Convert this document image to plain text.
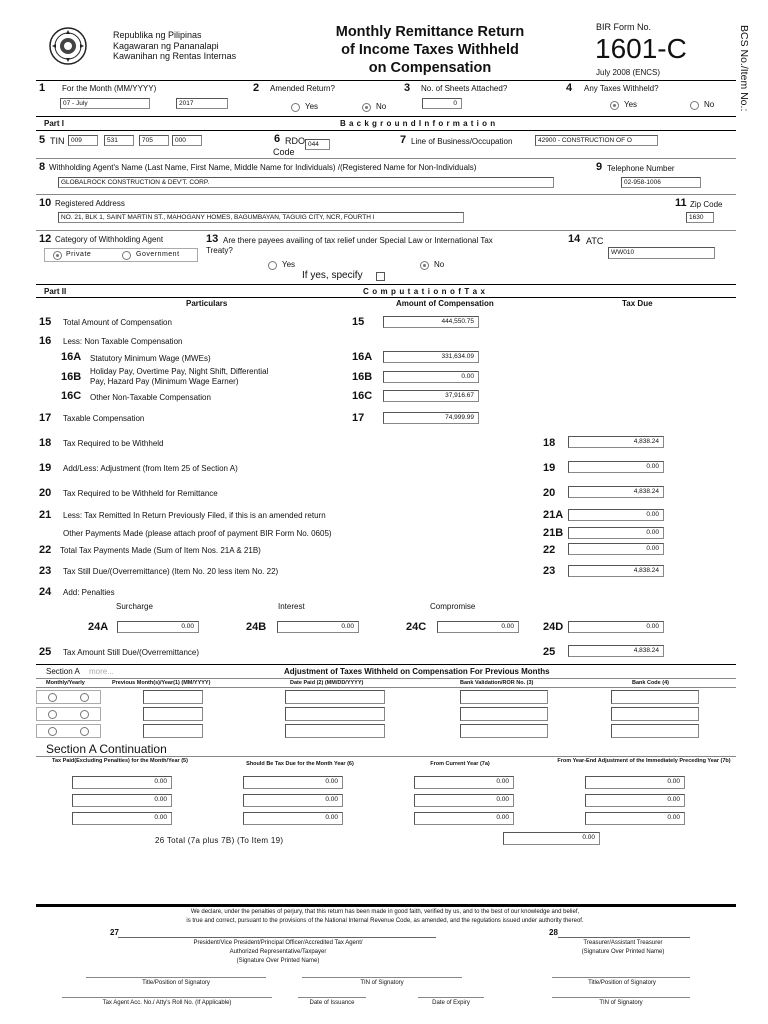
Republika ng Pilipinas
Kagawaran ng Pananalapi
Kawanihan ng Rentas Internas
Monthly Remittance Return
of Income Taxes Withheld
on Compensation
BIR Form No.
1601-C
July 2008 (ENCS)	BCS No./Item No.:
1 For the Month (MM/YYYY)
07 - July	2017
2 Amended Return?
Yes	No
3 No. of Sheets Attached?
0
4 Any Taxes Withheld?
Yes	No
Part I	B a c k g r o u n d I n f o r m a t i o n
5 TIN	009	531	705	000	6 RDO
Code
044	7 Line of Business/Occupation	42900 - CONSTRUCTION OF O
8 Withholding Agent's Name (Last Name, First Name, Middle Name for Individuals) /(Registered Name for Non-Individuals)
GLOBALROCK CONSTRUCTION & DEV'T. CORP.
9 Telephone Number
02-958-1006
10 Registered Address
NO. 21, BLK 1, SAINT MARTIN ST., MAHOGANY HOMES, BAGUMBAYAN, TAGUIG CITY, NCR, FOURTH I
11 Zip Code
1630
12 Category of Withholding Agent
Private	Government
13 Are there payees availing of tax relief under Special Law or International Tax
Treaty?
Yes	No
If yes, specify
14 ATC
WW010
Part II	C o m p u t a t i o n o f T a x
Particulars	Amount of Compensation	Tax Due
15 Total Amount of Compensation	15	444,550.75
16 Less: Non Taxable Compensation
16A Statutory Minimum Wage (MWEs)	16A	331,634.09
16B Holiday Pay, Overtime Pay, Night Shift, Differential
Pay, Hazard Pay (Minimum Wage Earner)	16B	0.00
16C Other Non-Taxable Compensation	16C	37,916.67
17 Taxable Compensation	17	74,999.99
18 Tax Required to be Withheld	18	4,838.24
19 Add/Less: Adjustment (from Item 25 of Section A)	19	0.00
20 Tax Required to be Withheld for Remittance	20	4,838.24
21 Less: Tax Remitted In Return Previously Filed, if this is an amended return	21A	0.00
Other Payments Made (please attach proof of payment BIR Form No. 0605)	21B	0.00
22 Total Tax Payments Made (Sum of Item Nos. 21A & 21B)	22	0.00
23 Tax Still Due/(Overremittance) (Item No. 20 less item No. 22)	23	4,838.24
24 Add: Penalties
Surcharge	Interest	Compromise
24A	0.00	24B	0.00	24C	0.00	24D	0.00
25 Tax Amount Still Due/(Overremittance)	25	4,838.24
Section A more...	Adjustment of Taxes Withheld on Compensation For Previous Months
Monthly/Yearly	Previous Month(s)/Year(1) (MM/YYYY)	Date Paid (2) (MM/DD/YYYY)	Bank Validation/ROR No. (3)	Bank Code (4)
Section A Continuation
Tax Paid(Excluding Penalties) for the Month/Year (5)	Should Be Tax Due for the Month Year (6)	From Current Year (7a)	From Year-End Adjustment of the Immediately Preceding Year (7b)
0.00	0.00	0.00	0.00
0.00	0.00	0.00	0.00
0.00	0.00	0.00	0.00
26 Total (7a plus 7B) (To Item 19)	0.00
We declare, under the penalties of perjury, that this return has been made in good faith, verified by us, and to the best of our knowledge and belief,
is true and correct, pursuant to the provisions of the National Internal Revenue Code, as amended, and the regulations issued under authority thereof.
27
President/Vice President/Principal Officer/Accredited Tax Agent/
Authorized Representative/Taxpayer
(Signature Over Printed Name)
28
Treasurer/Assistant Treasurer
(Signature Over Printed Name)
Title/Position of Signatory	TIN of Signatory	Title/Position of Signatory
Tax Agent Acc. No./ Atty's Roll No. (If Applicable)	Date of Issuance	Date of Expiry	TIN of Signatory
